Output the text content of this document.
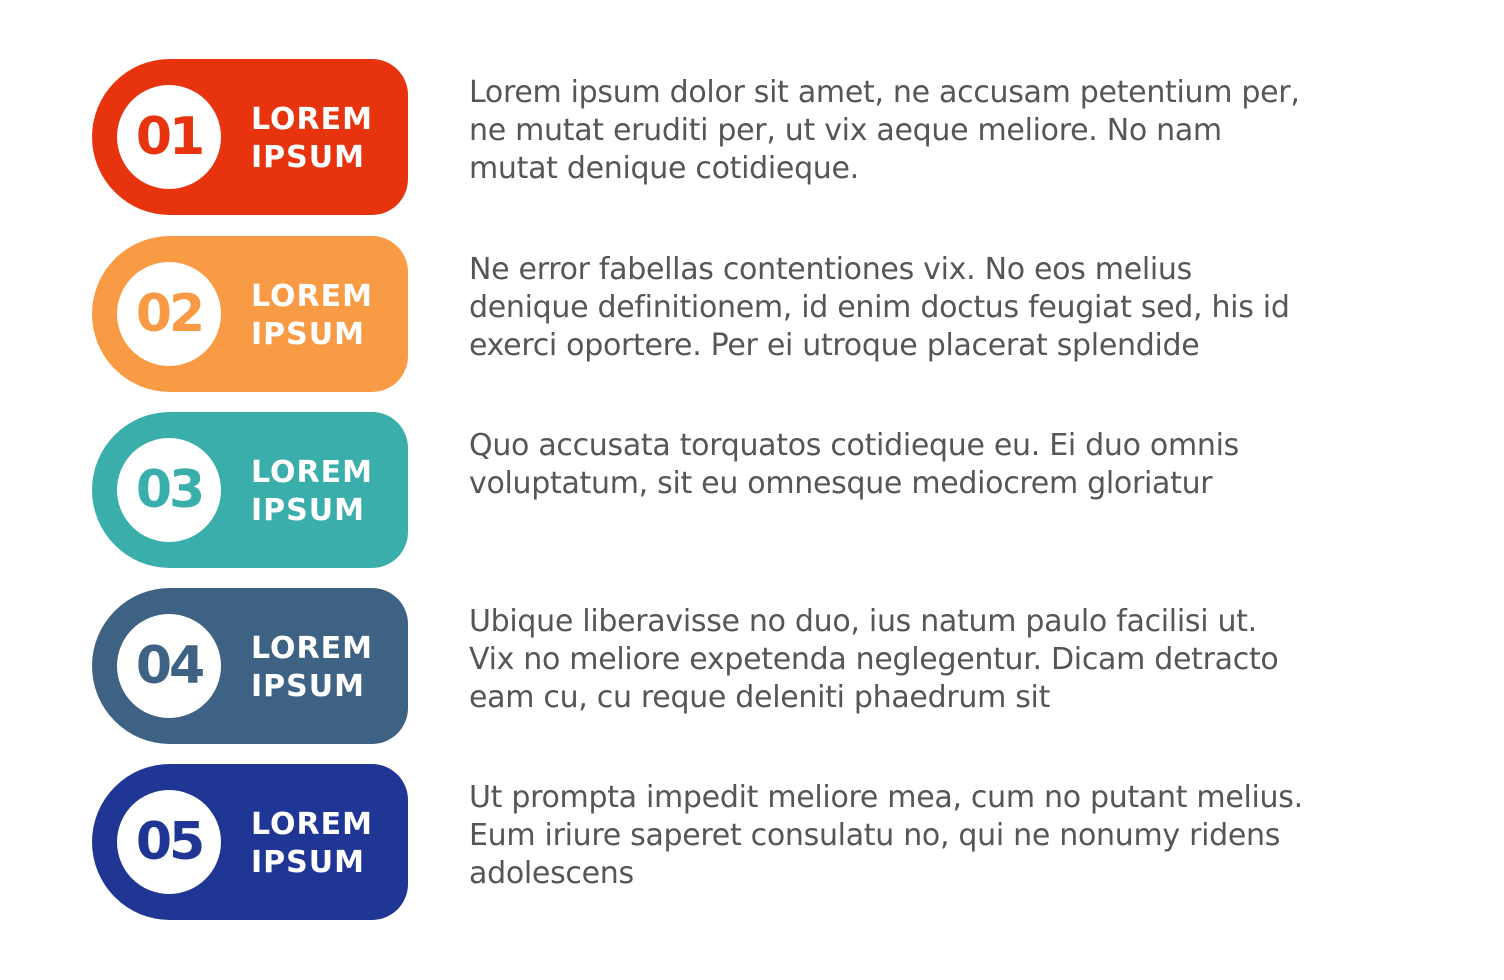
01 LOREM
IPSUM

Lorem ipsum dolor sit amet, ne accusam petentium per,
ne mutat eruditi per, ut vix aeque meliore. No nam
mutat denique cotidieque.

02 LOREM
IPSUM

Ne error fabellas contentiones vix. No eos melius
denique definitionem, id enim doctus feugiat sed, his id
exerci oportere. Per ei utroque placerat splendide

03 LOREM
IPSUM

Quo accusata torquatos cotidieque eu. Ei duo omnis
voluptatum, sit eu omnesque mediocrem gloriatur

04 LOREM
IPSUM

Ubique liberavisse no duo, ius natum paulo facilisi ut.
Vix no meliore expetenda neglegentur. Dicam detracto
eam cu, cu reque deleniti phaedrum sit

05 LOREM
IPSUM

Ut prompta impedit meliore mea, cum no putant melius.
Eum iriure saperet consulatu no, qui ne nonumy ridens
adolescens
